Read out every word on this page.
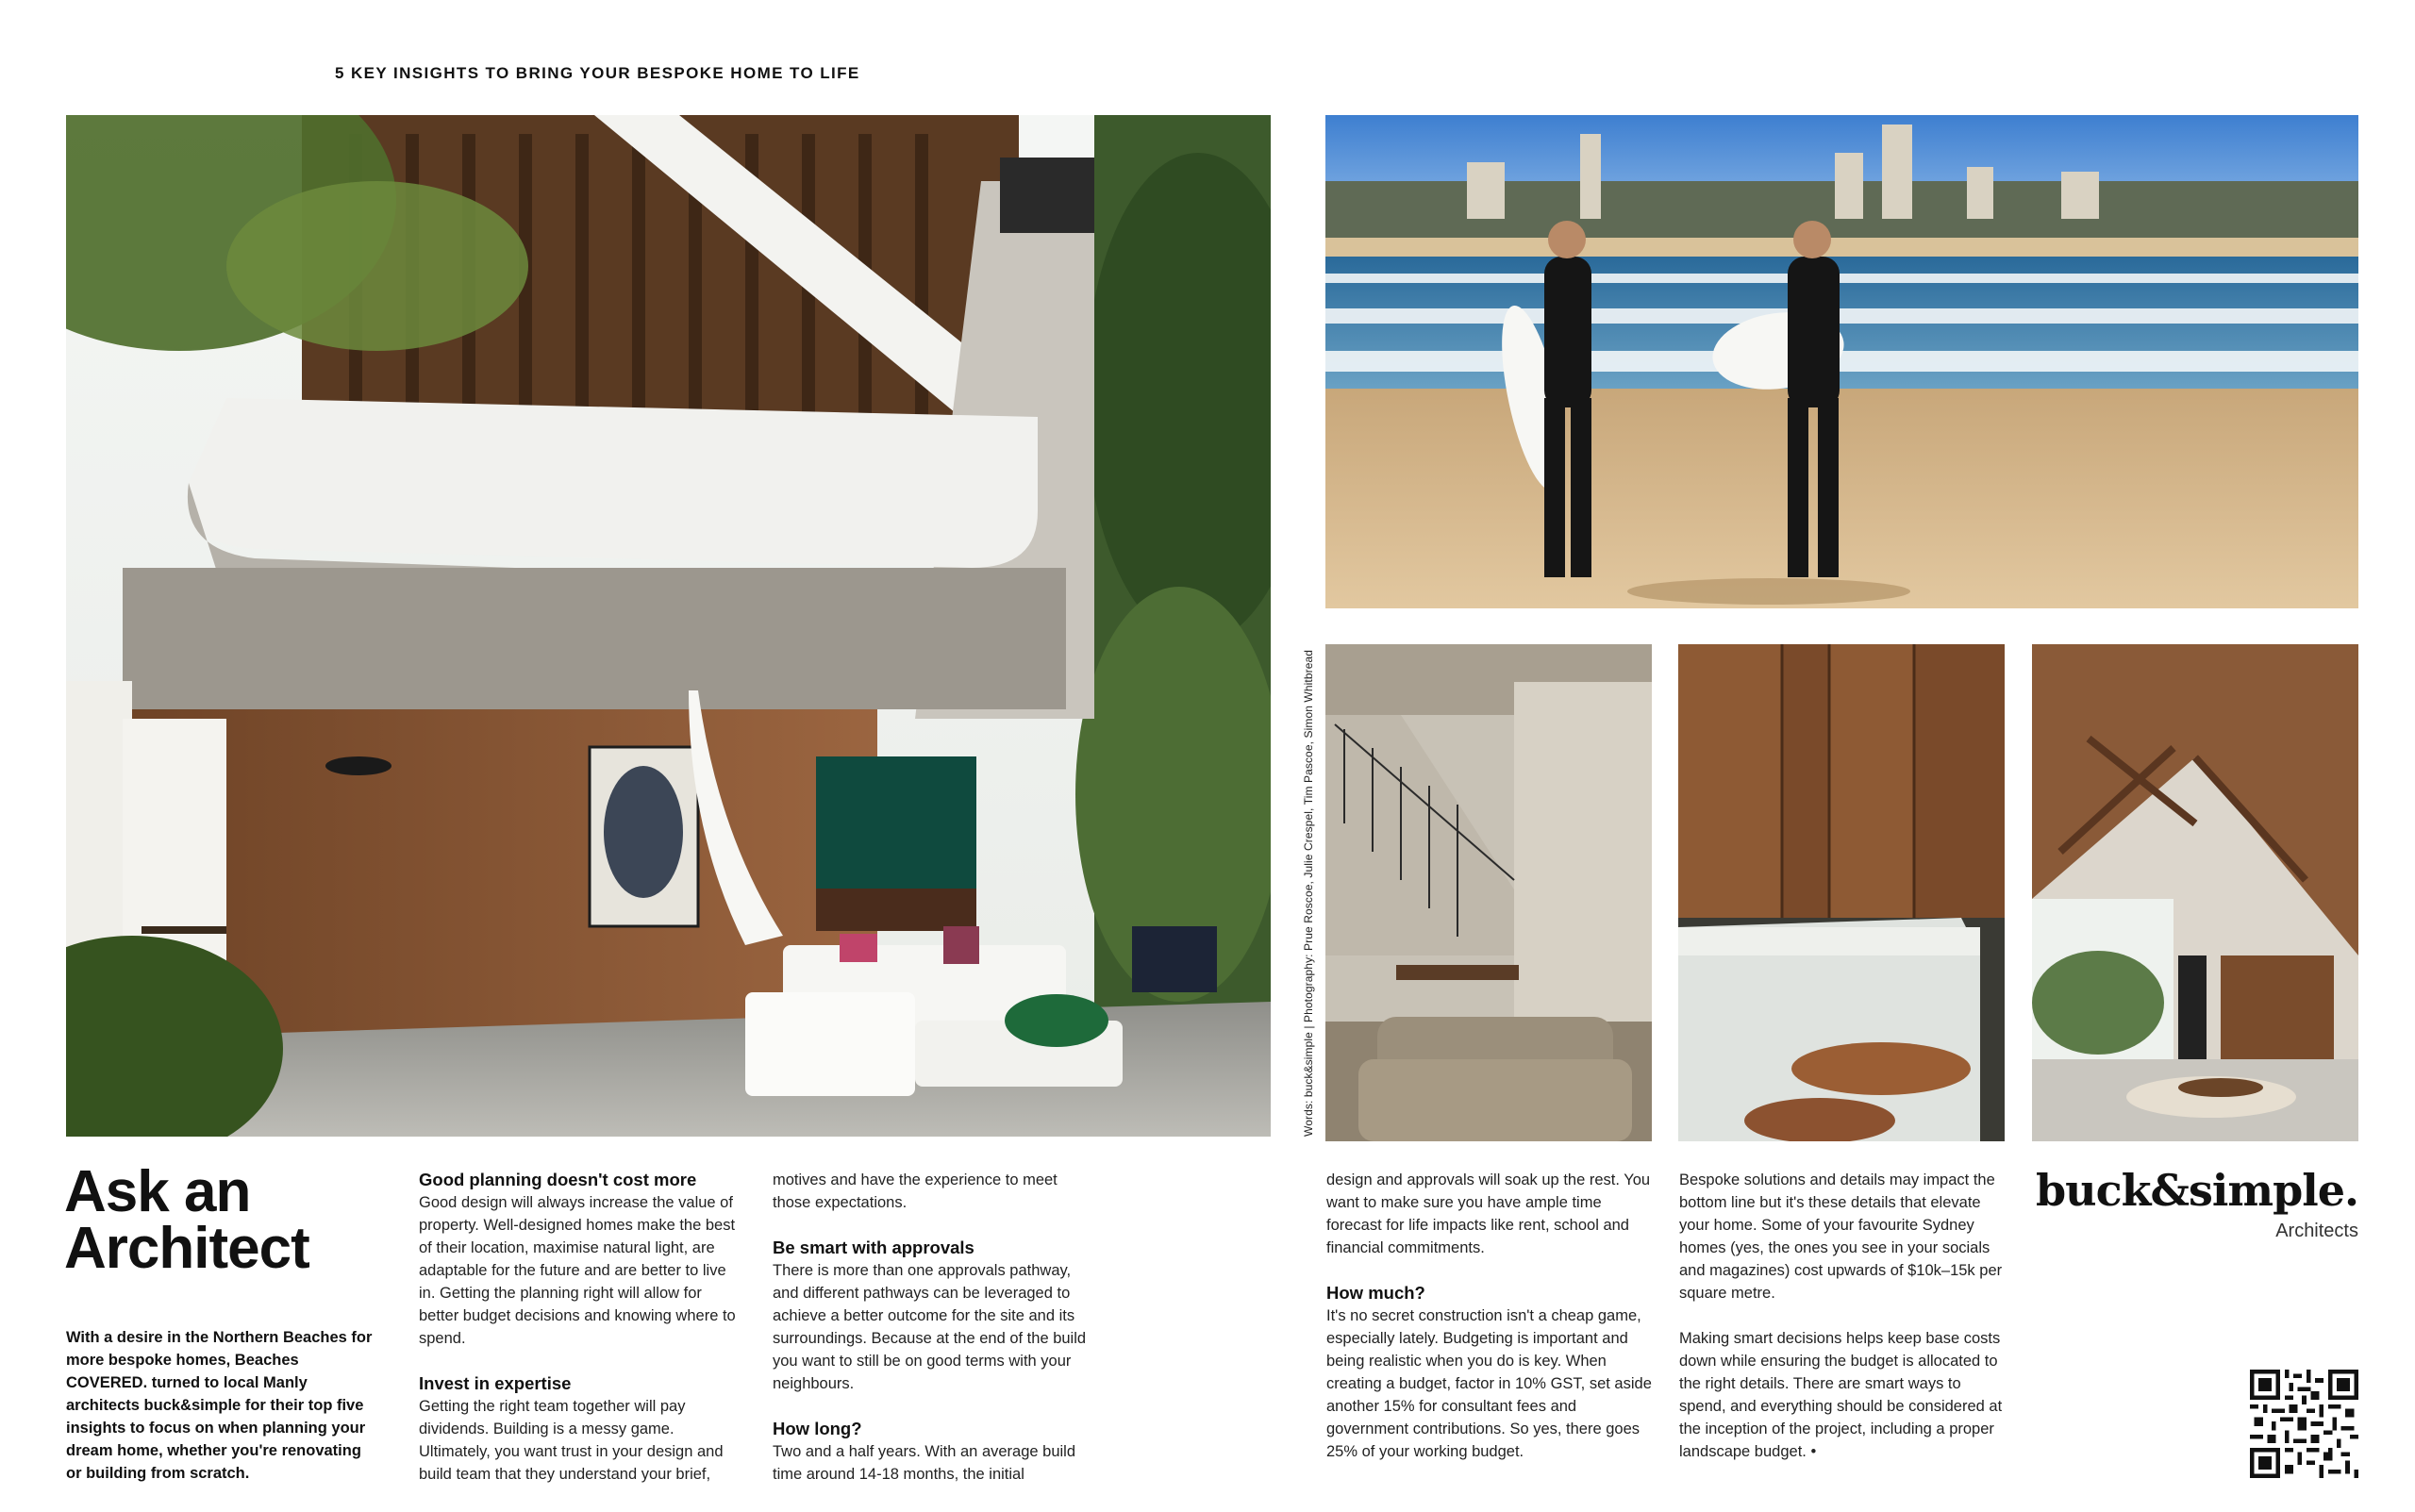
5 KEY INSIGHTS TO BRING YOUR BESPOKE HOME TO LIFE
Words: buck&simple | Photography: Prue Roscoe, Julie Crespel, Tim Pascoe, Simon Whitbread
Ask an
Architect
With a desire in the Northern Beaches for more bespoke homes, Beaches COVERED. turned to local Manly architects buck&simple for their top five insights to focus on when planning your dream home, whether you're renovating or building from scratch.
Good planning doesn't cost more

Good design will always increase the value of property. Well-designed homes make the best of their location, maximise natural light, are adaptable for the future and are better to live in. Getting the planning right will allow for better budget decisions and knowing where to spend.

Invest in expertise

Getting the right team together will pay dividends. Building is a messy game. Ultimately, you want trust in your design and build team that they understand your brief,

motives and have the experience to meet those expectations.

Be smart with approvals

There is more than one approvals pathway, and different pathways can be leveraged to achieve a better outcome for the site and its surroundings. Because at the end of the build you want to still be on good terms with your neighbours.

How long?

Two and a half years. With an average build time around 14-18 months, the initial

design and approvals will soak up the rest. You want to make sure you have ample time forecast for life impacts like rent, school and financial commitments.

How much?

It's no secret construction isn't a cheap game, especially lately. Budgeting is important and being realistic when you do is key. When creating a budget, factor in 10% GST, set aside another 15% for consultant fees and government contributions. So yes, there goes 25% of your working budget.

Bespoke solutions and details may impact the bottom line but it's these details that elevate your home. Some of your favourite Sydney homes (yes, the ones you see in your socials and magazines) cost upwards of $10k–15k per square metre.

Making smart decisions helps keep base costs down while ensuring the budget is allocated to the right details. There are smart ways to spend, and everything should be considered at the inception of the project, including a proper landscape budget. •

buck&simple.
Architects
